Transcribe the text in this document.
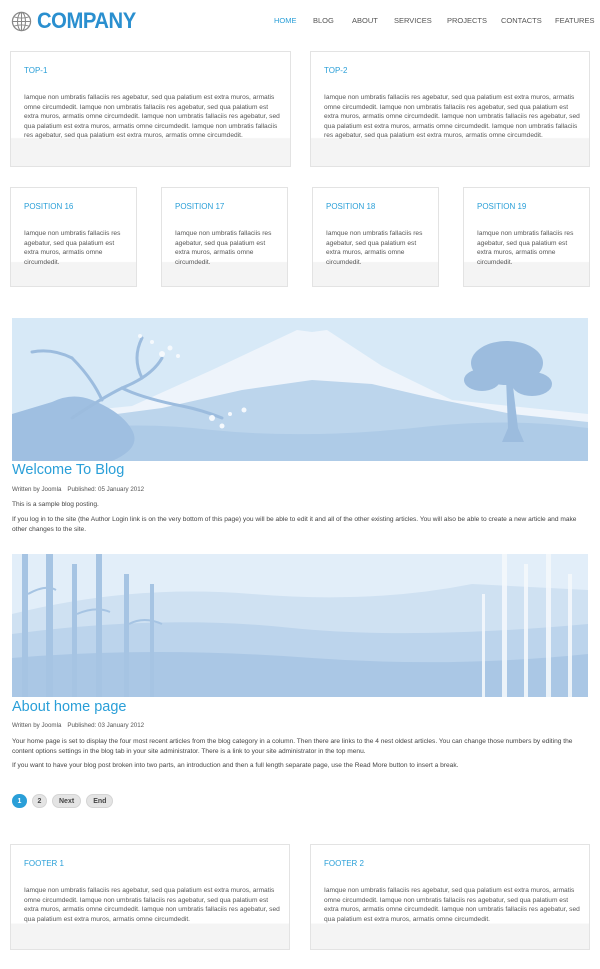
COMPANY	HOME	BLOG	ABOUT	SERVICES	PROJECTS	CONTACTS	FEATURES
TOP-1
Iamque non umbratis fallaciis res agebatur, sed qua palatium est extra muros, armatis omne circumdedit. Iamque non umbratis fallaciis res agebatur, sed qua palatium est extra muros, armatis omne circumdedit. Iamque non umbratis fallaciis res agebatur, sed qua palatium est extra muros, armatis omne circumdedit. Iamque non umbratis fallaciis res agebatur, sed qua palatium est extra muros, armatis omne circumdedit.
TOP-2
Iamque non umbratis fallaciis res agebatur, sed qua palatium est extra muros, armatis omne circumdedit. Iamque non umbratis fallaciis res agebatur, sed qua palatium est extra muros, armatis omne circumdedit. Iamque non umbratis fallaciis res agebatur, sed qua palatium est extra muros, armatis omne circumdedit. Iamque non umbratis fallaciis res agebatur, sed qua palatium est extra muros, armatis omne circumdedit.
POSITION 16
Iamque non umbratis fallaciis res agebatur, sed qua palatium est extra muros, armatis omne circumdedit.
POSITION 17
Iamque non umbratis fallaciis res agebatur, sed qua palatium est extra muros, armatis omne circumdedit.
POSITION 18
Iamque non umbratis fallaciis res agebatur, sed qua palatium est extra muros, armatis omne circumdedit.
POSITION 19
Iamque non umbratis fallaciis res agebatur, sed qua palatium est extra muros, armatis omne circumdedit.
Welcome To Blog
Written by Joomla Published: 05 January 2012
This is a sample blog posting.
If you log in to the site (the Author Login link is on the very bottom of this page) you will be able to edit it and all of the other existing articles. You will also be able to create a new article and make other changes to the site.
About home page
Written by Joomla Published: 03 January 2012
Your home page is set to display the four most recent articles from the blog category in a column. Then there are links to the 4 nest oldest articles. You can change those numbers by editing the content options settings in the blog tab in your site administrator. There is a link to your site administrator in the top menu.
If you want to have your blog post broken into two parts, an introduction and then a full length separate page, use the Read More button to insert a break.
1	2	Next	End
FOOTER 1
Iamque non umbratis fallaciis res agebatur, sed qua palatium est extra muros, armatis omne circumdedit. Iamque non umbratis fallaciis res agebatur, sed qua palatium est extra muros, armatis omne circumdedit. Iamque non umbratis fallaciis res agebatur, sed qua palatium est extra muros, armatis omne circumdedit.
FOOTER 2
Iamque non umbratis fallaciis res agebatur, sed qua palatium est extra muros, armatis omne circumdedit. Iamque non umbratis fallaciis res agebatur, sed qua palatium est extra muros, armatis omne circumdedit. Iamque non umbratis fallaciis res agebatur, sed qua palatium est extra muros, armatis omne circumdedit.
